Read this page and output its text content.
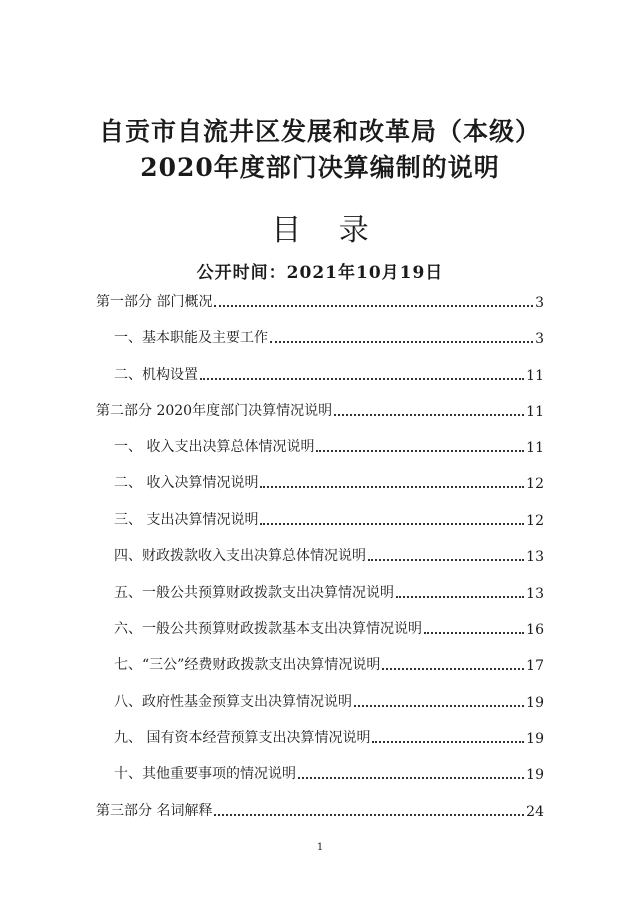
自贡市自流井区发展和改革局（本级）
2020年度部门决算编制的说明
目 录
公开时间：2021年10月19日
第一部分 部门概况	3
一、基本职能及主要工作	3
二、机构设置	11
第二部分 2020年度部门决算情况说明	11
一、 收入支出决算总体情况说明	11
二、 收入决算情况说明	12
三、 支出决算情况说明	12
四、财政拨款收入支出决算总体情况说明	13
五、一般公共预算财政拨款支出决算情况说明	13
六、一般公共预算财政拨款基本支出决算情况说明	16
七、“三公”经费财政拨款支出决算情况说明	17
八、政府性基金预算支出决算情况说明	19
九、 国有资本经营预算支出决算情况说明	19
十、其他重要事项的情况说明	19
第三部分 名词解释	24
1
